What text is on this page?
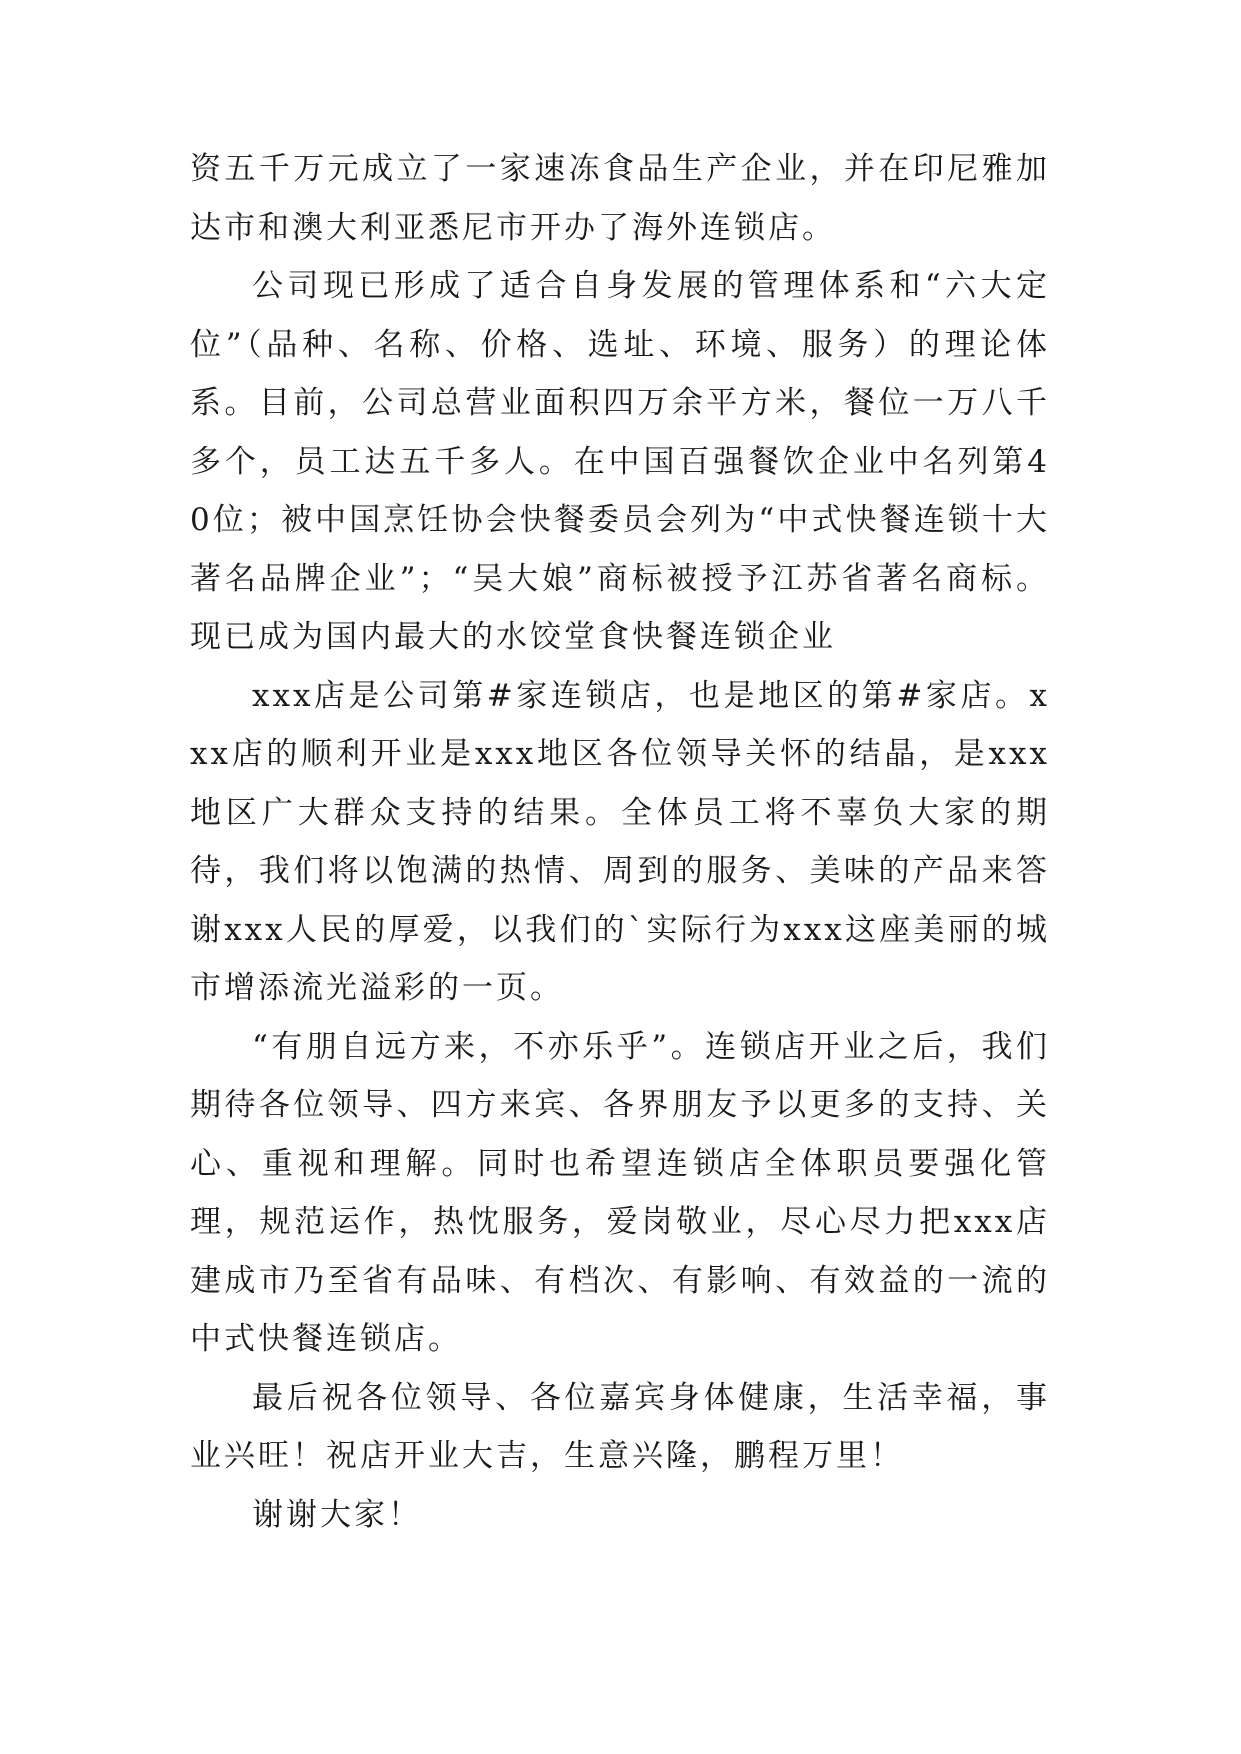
资五千万元成立了一家速冻食品生产企业，并在印尼雅加达市和澳大利亚悉尼市开办了海外连锁店。

公司现已形成了适合自身发展的管理体系和“六大定位”（品种、名称、价格、选址、环境、服务）的理论体系。目前，公司总营业面积四万余平方米，餐位一万八千多个，员工达五千多人。在中国百强餐饮企业中名列第40位；被中国烹饪协会快餐委员会列为“中式快餐连锁十大著名品牌企业”；“吴大娘”商标被授予江苏省著名商标。现已成为国内最大的水饺堂食快餐连锁企业

xxx店是公司第#家连锁店，也是地区的第#家店。xxx店的顺利开业是xxx地区各位领导关怀的结晶，是xxx地区广大群众支持的结果。全体员工将不辜负大家的期待，我们将以饱满的热情、周到的服务、美味的产品来答谢xxx人民的厚爱，以我们的`实际行为xxx这座美丽的城市增添流光溢彩的一页。

“有朋自远方来，不亦乐乎”。连锁店开业之后，我们期待各位领导、四方来宾、各界朋友予以更多的支持、关心、重视和理解。同时也希望连锁店全体职员要强化管理，规范运作，热忱服务，爱岗敬业，尽心尽力把xxx店建成市乃至省有品味、有档次、有影响、有效益的一流的中式快餐连锁店。

最后祝各位领导、各位嘉宾身体健康，生活幸福，事业兴旺！祝店开业大吉，生意兴隆，鹏程万里！

谢谢大家！
